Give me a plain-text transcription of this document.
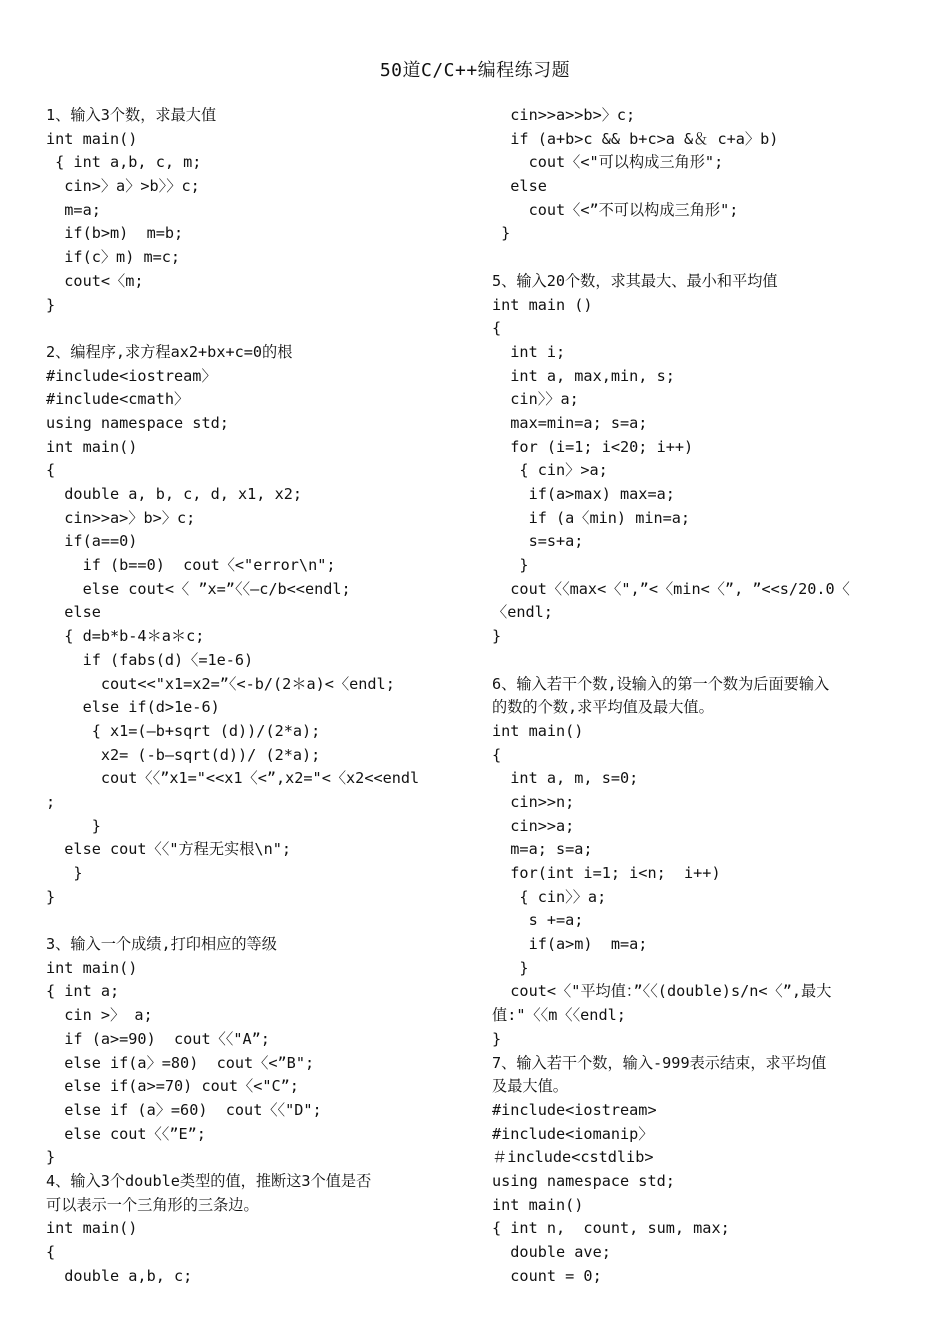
50道C/C++编程练习题
1、输入3个数，求最大值
int main()
{ int a,b, c, m;
cin>〉a〉>b〉〉c;
m=a;
if(b>m)  m=b;
if(c〉m) m=c;
cout<〈m;
}
2、编程序,求方程ax2+bx+c=0的根
#include<iostream〉
#include<cmath〉
using namespace std;
int main()
{
double a, b, c, d, x1, x2;
cin>>a>〉b>〉c;
if(a==0)
if (b==0)  cout〈<"error\n";
else cout<〈 ”x=”〈〈—c/b<<endl;
else
{ d=b*b-4＊a＊c;
if (fabs(d)〈=1e-6)
cout<<"x1=x2=”〈<-b/(2＊a)<〈endl;
else if(d>1e-6)
{ x1=(—b+sqrt (d))/(2*a);
x2= (-b—sqrt(d))/ (2*a);
cout〈〈”x1="<<x1〈<”,x2="<〈x2<<endl
;
}
else cout〈〈"方程无实根\n";
}
}
3、输入一个成绩,打印相应的等级
int main()
{ int a;
cin >〉 a;
if (a>=90)  cout〈〈"A”;
else if(a〉=80)  cout〈<”B";
else if(a>=70) cout〈<"C”;
else if (a〉=60)  cout〈〈"D";
else cout〈〈”E”;
}
4、输入3个double类型的值，推断这3个值是否
可以表示一个三角形的三条边。
int main()
{
double a,b, c;
cin>>a>>b>〉c;
if (a+b>c && b+c>a &＆ c+a〉b)
cout〈<"可以构成三角形";
else
cout〈<”不可以构成三角形";
}
5、输入20个数，求其最大、最小和平均值
int main ()
{
int i;
int a, max,min, s;
cin〉〉a;
max=min=a; s=a;
for (i=1; i<20; i++)
{ cin〉>a;
if(a>max) max=a;
if (a〈min) min=a;
s=s+a;
}
cout〈〈max<〈",”<〈min<〈”, ”<<s/20.0〈
〈endl;
}
6、输入若干个数,设输入的第一个数为后面要输入
的数的个数,求平均值及最大值。
int main()
{
int a, m, s=0;
cin>>n;
cin>>a;
m=a; s=a;
for(int i=1; i<n;  i++)
{ cin〉〉a;
s +=a;
if(a>m)  m=a;
}
cout<〈"平均值：”〈〈(double)s/n<〈”,最大
值:"〈〈m〈〈endl;
}
7、输入若干个数，输入-999表示结束，求平均值
及最大值。
#include<iostream>
#include<iomanip〉
＃include<cstdlib>
using namespace std;
int main()
{ int n,  count, sum, max;
double ave;
count = 0;
